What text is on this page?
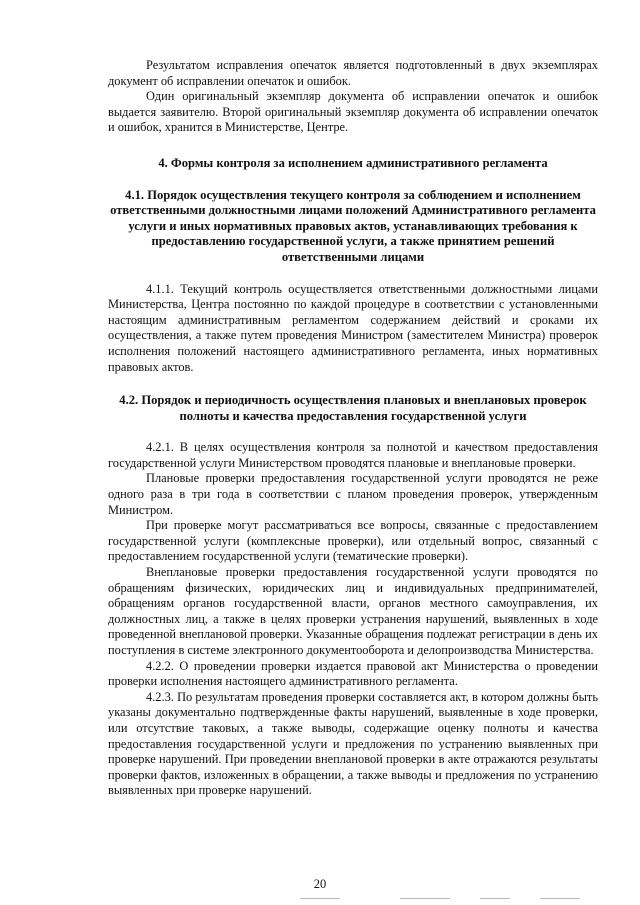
Результатом исправления опечаток является подготовленный в двух экземплярах документ об исправлении опечаток и ошибок.

Один оригинальный экземпляр документа об исправлении опечаток и ошибок выдается заявителю. Второй оригинальный экземпляр документа об исправлении опечаток и ошибок, хранится в Министерстве, Центре.

4. Формы контроля за исполнением административного регламента
4.1. Порядок осуществления текущего контроля за соблюдением и исполнением ответственными должностными лицами положений Административного регламента услуги и иных нормативных правовых актов, устанавливающих требования к предоставлению государственной услуги, а также принятием решений ответственными лицами

4.1.1. Текущий контроль осуществляется ответственными должностными лицами Министерства, Центра постоянно по каждой процедуре в соответствии с установленными настоящим административным регламентом содержанием действий и сроками их осуществления, а также путем проведения Министром (заместителем Министра) проверок исполнения положений настоящего административного регламента, иных нормативных правовых актов.

4.2. Порядок и периодичность осуществления плановых и внеплановых проверок полноты и качества предоставления государственной услуги

4.2.1. В целях осуществления контроля за полнотой и качеством предоставления государственной услуги Министерством проводятся плановые и внеплановые проверки.

Плановые проверки предоставления государственной услуги проводятся не реже одного раза в три года в соответствии с планом проведения проверок, утвержденным Министром.

При проверке могут рассматриваться все вопросы, связанные с предоставлением государственной услуги (комплексные проверки), или отдельный вопрос, связанный с предоставлением государственной услуги (тематические проверки).

Внеплановые проверки предоставления государственной услуги проводятся по обращениям физических, юридических лиц и индивидуальных предпринимателей, обращениям органов государственной власти, органов местного самоуправления, их должностных лиц, а также в целях проверки устранения нарушений, выявленных в ходе проведенной внеплановой проверки. Указанные обращения подлежат регистрации в день их поступления в системе электронного документооборота и делопроизводства Министерства.

4.2.2. О проведении проверки издается правовой акт Министерства о проведении проверки исполнения настоящего административного регламента.

4.2.3. По результатам проведения проверки составляется акт, в котором должны быть указаны документально подтвержденные факты нарушений, выявленные в ходе проверки, или отсутствие таковых, а также выводы, содержащие оценку полноты и качества предоставления государственной услуги и предложения по устранению выявленных при проверке нарушений. При проведении внеплановой проверки в акте отражаются результаты проверки фактов, изложенных в обращении, а также выводы и предложения по устранению выявленных при проверке нарушений.

20
